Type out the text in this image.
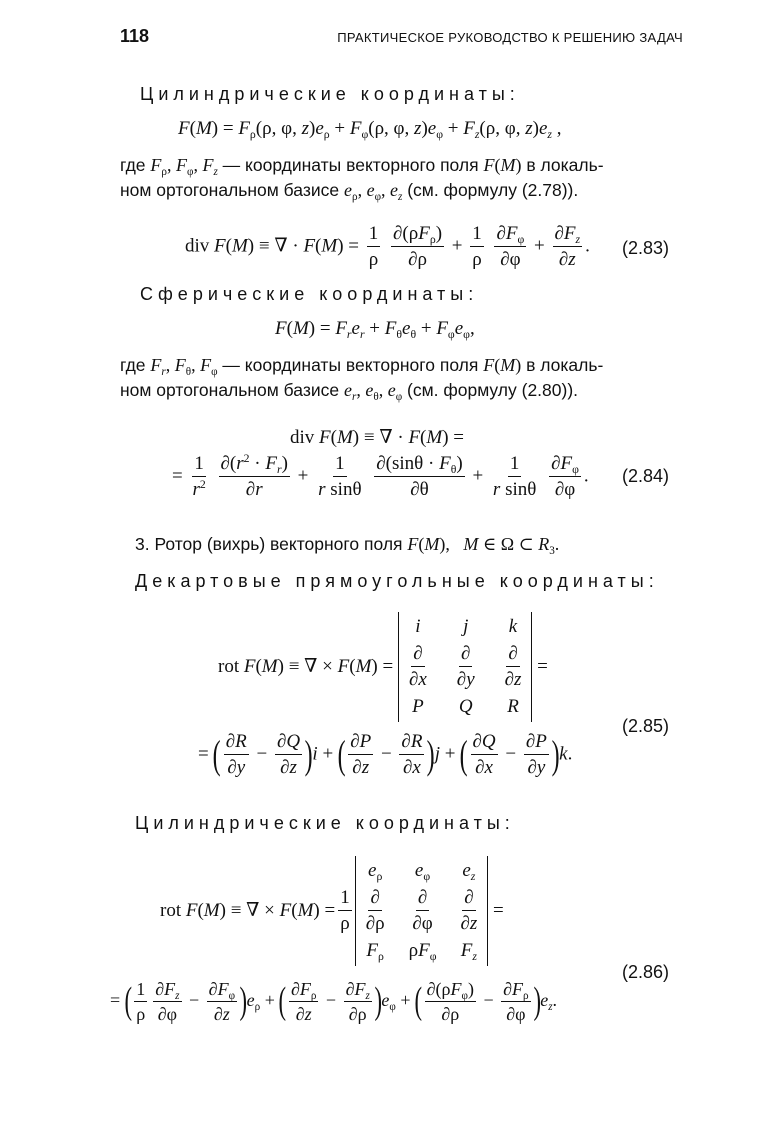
118	ПРАКТИЧЕСКОЕ РУКОВОДСТВО К РЕШЕНИЮ ЗАДАЧ
Цилиндрические координаты:
$F(M) = F_\rho(\rho$, φ, $z)e_\rho + F_\varphi(\rho$, φ, $z)e_\varphi + F_z(\rho$, φ, $z)e_z$ ,
где $F_\rho$, $F_\varphi$, $F_z$ — координаты векторного поля F(M) в локаль-
ном ортогональном базисе $e_\rho$, $e_\varphi$, $e_z$ (см. формулу (2.78)).
div F(M) ≡ ∇ · $F(M) = \frac{1}{\rho}$
$\frac{\partial(\rho F_\rho)}{\partial\rho} + \frac{1}{\rho}$
$\frac{\partial F_\varphi}{\partial\varphi} + \frac{\partial F_z}{\partial z}$ . (2.83)
Сферические координаты:
$F(M) = F_re_r + F_\theta e_\theta + F_\varphi e_\varphi$,
где $F_r$, $F_\theta$, $F_\varphi$ — координаты векторного поля F(M) в локаль-
ном ортогональном базисе $e_r$, $e_\theta$, $e_\varphi$ (см. формулу (2.80)).
div F(M) ≡ ∇ · F(M) =
= $\frac{1}{r^2}$
$\frac{\partial(r^2 \cdot F_r)}{\partial r} + \frac{1}{\text{r sinθ}}$
$\frac{\partial(\sin\theta \cdot F_\theta)}{\partial\theta} + \frac{1}{\text{r sinθ}}$
$\frac{\partial F_\varphi}{\partial\varphi}$ . (2.84)
3. Ротор (вихрь) векторного поля F(M),   M ∈ Ω ⊂ $R_3$.
Декартовые прямоугольные координаты:
rot F(M) ≡ ∇ × F(M) =
i	j	k
$\frac{\partial}{\partial x} \frac{\partial}{\partial y} \frac{\partial}{\partial z}$
P Q R
=
(2.85)
= ( $\frac{\partial R}{\partial y} - \frac{\partial Q}{\partial z} )i$ + ( $\frac{\partial P}{\partial z} - \frac{\partial R}{\partial x} )j$ + ( $\frac{\partial Q}{\partial x} - \frac{\partial P}{\partial y} )k$.
Цилиндрические координаты:
rot F(M) ≡ ∇ × $F(M) = \frac{1}{\rho}$
$e_\rho$	$e_\varphi$	$e_z$
$\frac{\partial}{\partial\rho} \frac{\partial}{\partial\varphi} \frac{\partial}{\partial z}$
$F_\rho$ $\rho F_\varphi$ $F_z$
=
(2.86)
= ( $\frac{1}{\rho} \frac{\partial F_z}{\partial\varphi} - \frac{\partial F_\varphi}{\partial z} )e_\rho$ + ( $\frac{\partial F_\rho}{\partial z} - \frac{\partial F_z}{\partial\rho} )e_\varphi$ + ( $\frac{\partial(\rho F_\varphi)}{\partial\rho} - \frac{\partial F_\rho}{\partial\varphi} )e_z$.
